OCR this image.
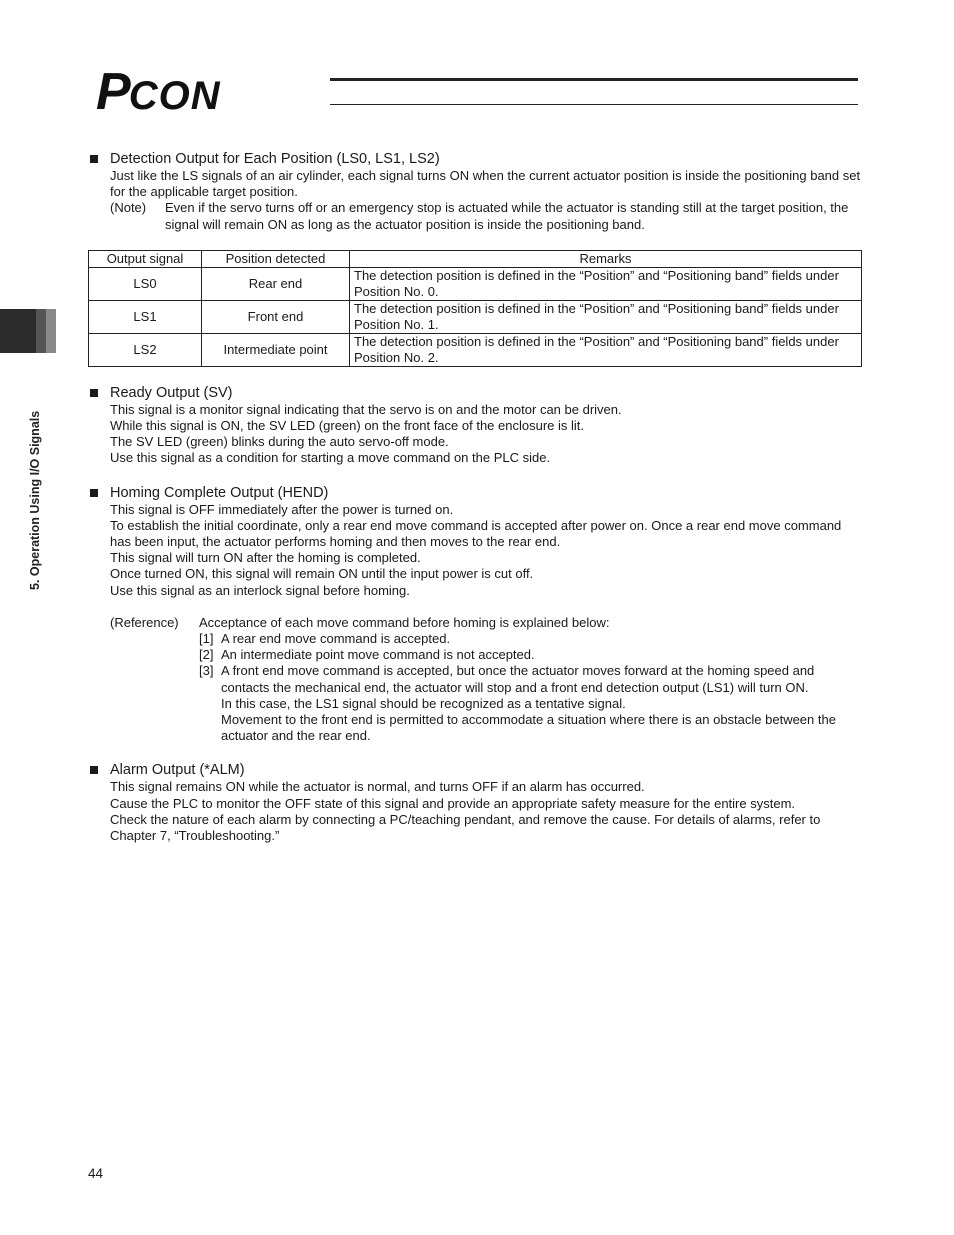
PCON
5. Operation Using I/O Signals

Detection Output for Each Position (LS0, LS1, LS2)

Just like the LS signals of an air cylinder, each signal turns ON when the current actuator position is inside the positioning band set for the applicable target position.

(Note)	Even if the servo turns off or an emergency stop is actuated while the actuator is standing still at the target position, the signal will remain ON as long as the actuator position is inside the positioning band.
Output signal	Position detected	Remarks
LS0	Rear end	The detection position is defined in the “Position” and “Positioning band” fields under Position No. 0.
LS1	Front end	The detection position is defined in the “Position” and “Positioning band” fields under Position No. 1.
LS2	Intermediate point	The detection position is defined in the “Position” and “Positioning band” fields under Position No. 2.

Ready Output (SV)

This signal is a monitor signal indicating that the servo is on and the motor can be driven.

While this signal is ON, the SV LED (green) on the front face of the enclosure is lit.

The SV LED (green) blinks during the auto servo-off mode.

Use this signal as a condition for starting a move command on the PLC side.

Homing Complete Output (HEND)

This signal is OFF immediately after the power is turned on.

To establish the initial coordinate, only a rear end move command is accepted after power on. Once a rear end move command has been input, the actuator performs homing and then moves to the rear end.

This signal will turn ON after the homing is completed.

Once turned ON, this signal will remain ON until the input power is cut off.

Use this signal as an interlock signal before homing.

(Reference)	Acceptance of each move command before homing is explained below:
[1] A rear end move command is accepted.
[2] An intermediate point move command is not accepted.
[3] A front end move command is accepted, but once the actuator moves forward at the homing speed and contacts the mechanical end, the actuator will stop and a front end detection output (LS1) will turn ON.
In this case, the LS1 signal should be recognized as a tentative signal.
Movement to the front end is permitted to accommodate a situation where there is an obstacle between the actuator and the rear end.

Alarm Output (*ALM)

This signal remains ON while the actuator is normal, and turns OFF if an alarm has occurred.

Cause the PLC to monitor the OFF state of this signal and provide an appropriate safety measure for the entire system.

Check the nature of each alarm by connecting a PC/teaching pendant, and remove the cause. For details of alarms, refer to Chapter 7, “Troubleshooting.”

44
